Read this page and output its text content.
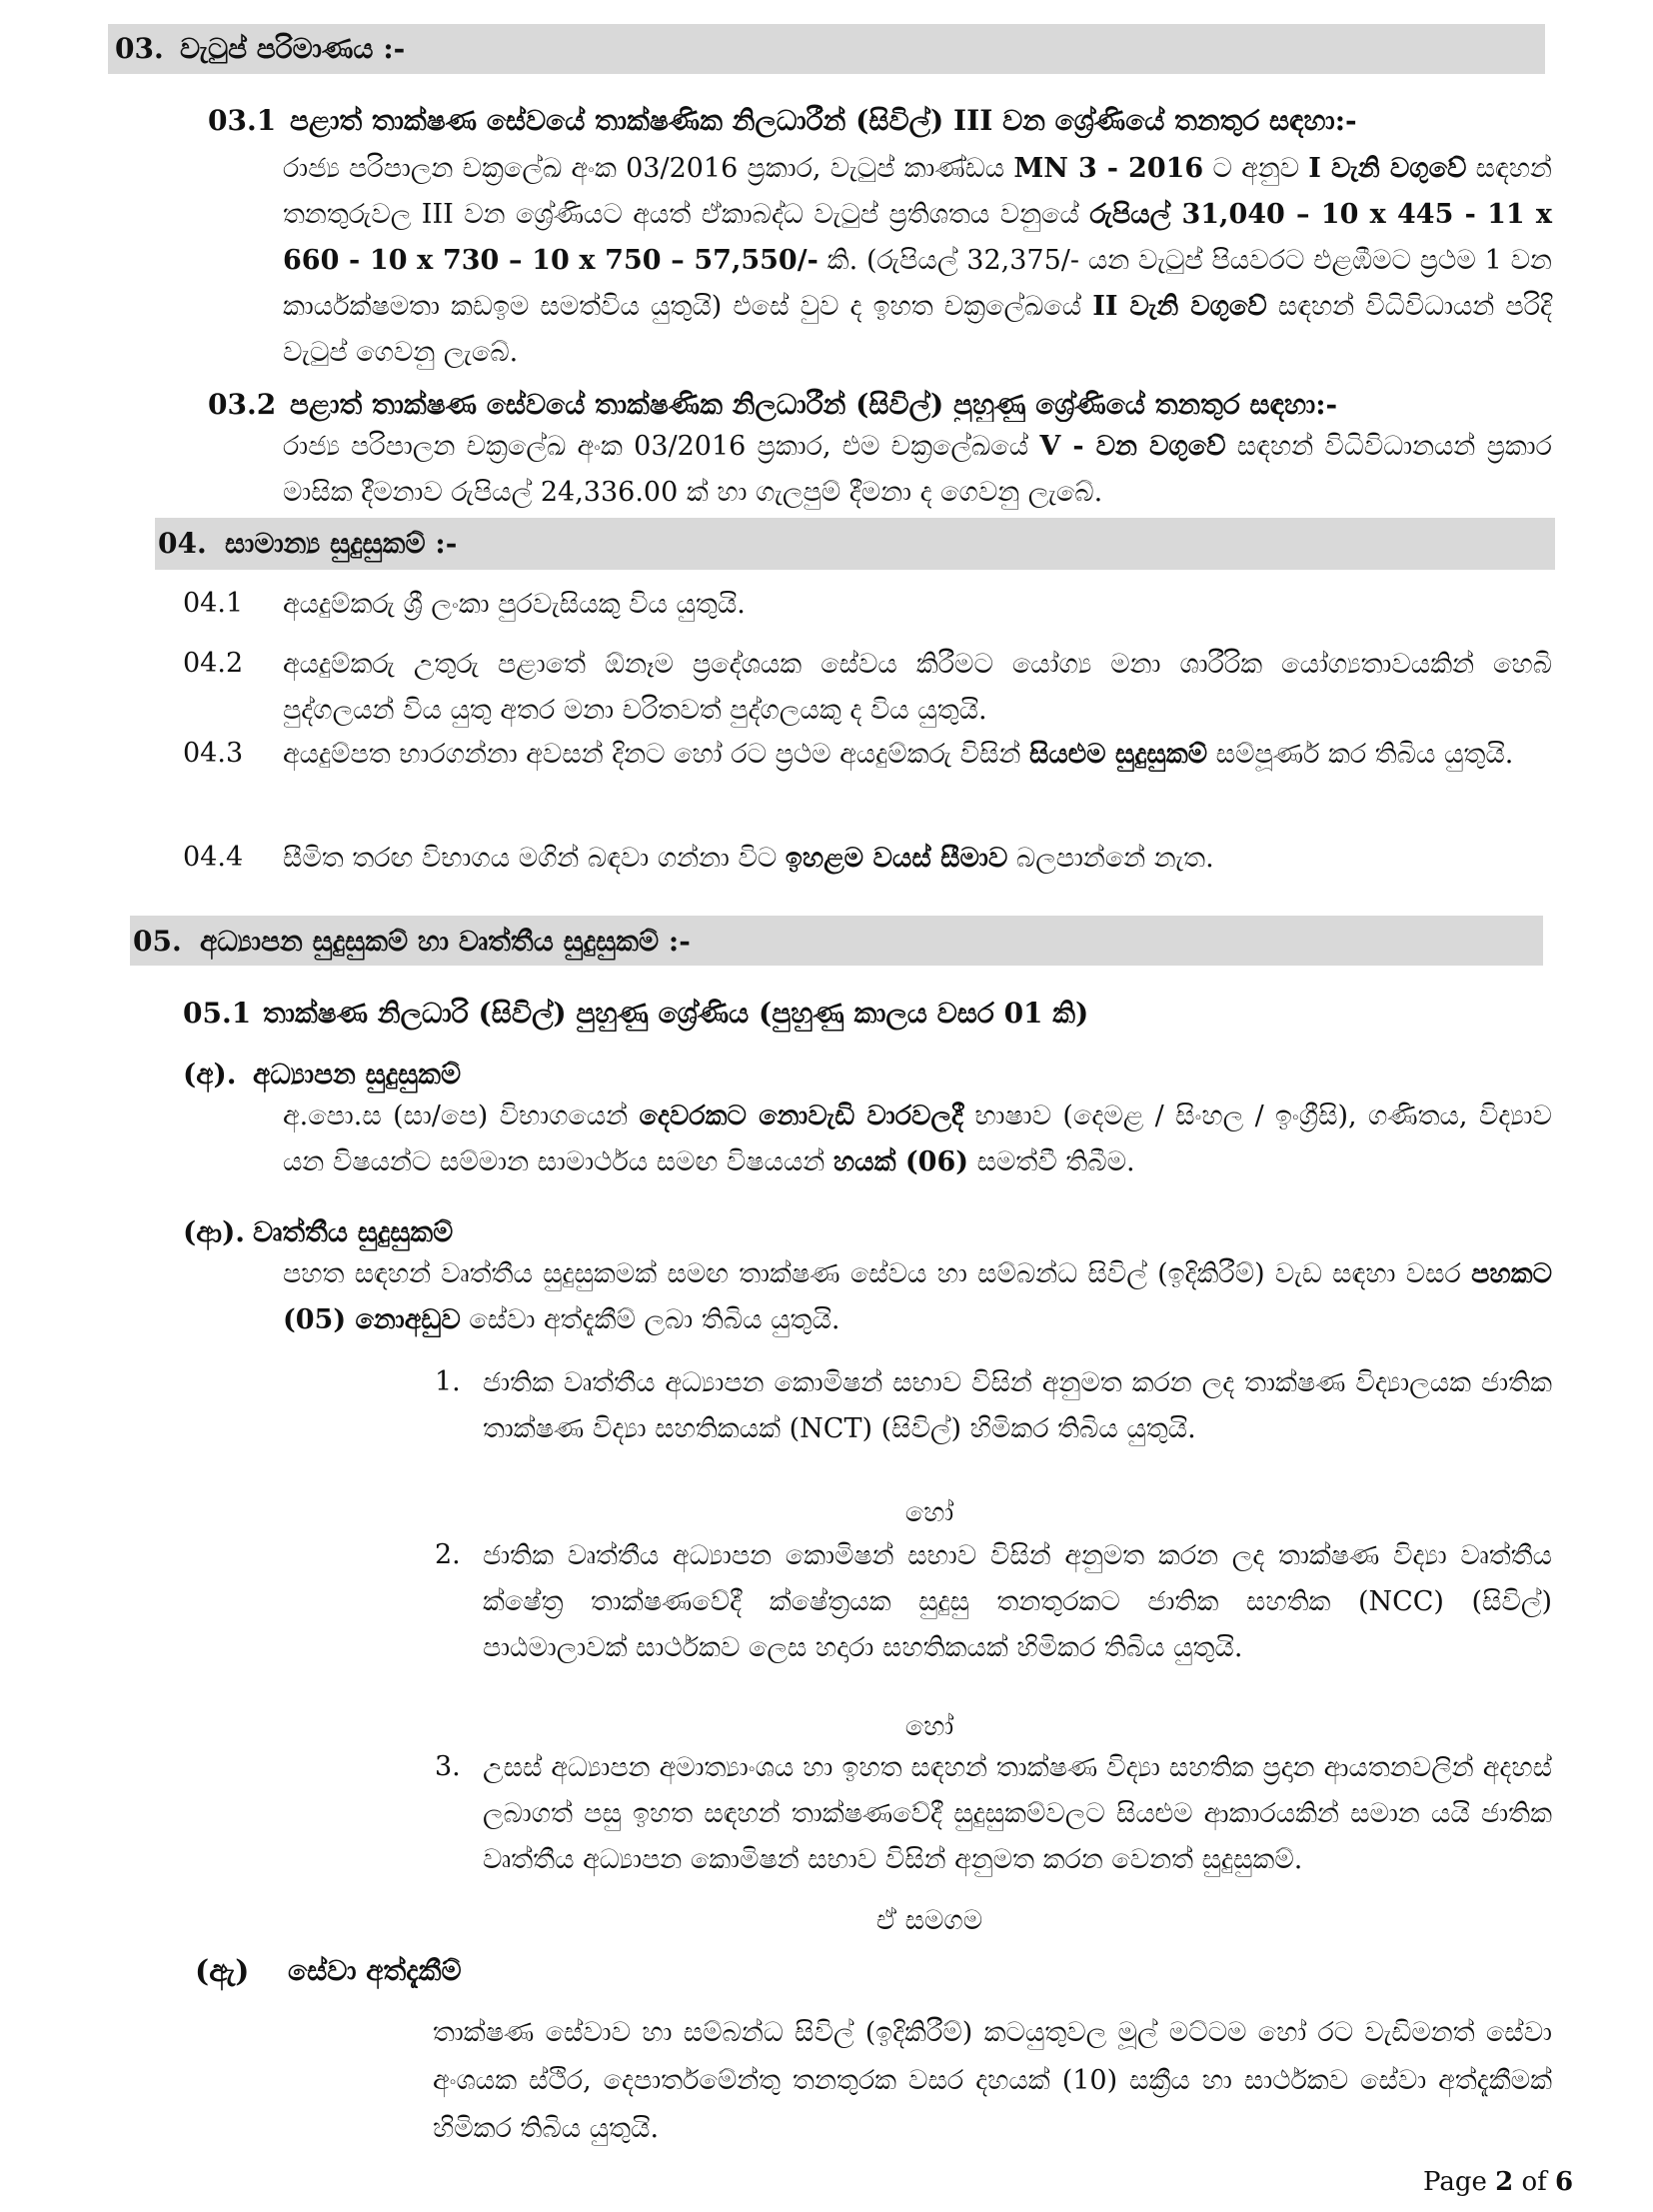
03. වැටුප් පරිමාණය :-
03.1 පළාත් තාක්ෂණ සේවයේ තාක්ෂණික නිලධාරීන් (සිවිල්) III වන ශ්‍රේණියේ තනතුර සඳහා:-
රාජ්‍ය පරිපාලන චක්‍රලේඛ අංක 03/2016 ප්‍රකාර, වැටුප් කාණ්ඩය MN 3 - 2016 ට අනුව I වැනි වගුවේ සඳහන් තනතුරුවල III වන ශ්‍රේණියට අයත් ඒකාබද්ධ වැටුප් ප්‍රතිශතය වනුයේ රුපියල් 31,040 – 10 x 445 - 11 x 660 - 10 x 730 – 10 x 750 – 57,550/- කි. (රුපියල් 32,375/- යන වැටුප් පියවරට එළඹීමට ප්‍රථම 1 වන කාර්යක්ෂමතා කඩඉම සමත්විය යුතුයි) එසේ වුව ද ඉහත චක්‍රලේඛයේ II වැනි වගුවේ සඳහන් විධිවිධායන් පරිදි වැටුප් ගෙවනු ලැබේ.
03.2 පළාත් තාක්ෂණ සේවයේ තාක්ෂණික නිලධාරීන් (සිවිල්) පුහුණු ශ්‍රේණියේ තනතුර සඳහා:-
රාජ්‍ය පරිපාලන චක්‍රලේඛ අංක 03/2016 ප්‍රකාර, එම චක්‍රලේඛයේ V - වන වගුවේ සඳහන් විධිවිධානයන් ප්‍රකාර මාසික දීමනාව රුපියල් 24,336.00 ක් හා ගැලපුම් දීමනා ද ගෙවනු ලැබේ.
04. සාමාන්‍ය සුදුසුකම් :-
04.1 අයදුම්කරු ශ්‍රී ලංකා පුරවැසියකු විය යුතුයි.
04.2 අයදුම්කරු උතුරු පළාතේ ඕනෑම ප්‍රදේශයක සේවය කිරීමට යෝග්‍ය මනා ශාරීරික යෝග්‍යතාවයකින් හෙබි පුද්ගලයන් විය යුතු අතර මනා චරිතවත් පුද්ගලයකු ද විය යුතුයි.
04.3 අයදුම්පත භාරගන්නා අවසන් දිනට හෝ රට ප්‍රථම අයදුම්කරු විසින් සියළුම සුදුසුකම් සම්පූර්ණ කර තිබිය යුතුයි.
04.4 සීමිත තරඟ විභාගය මගින් බඳවා ගන්නා විට ඉහළම වයස් සීමාව බලපාන්නේ නැත.
05. අධ්‍යාපන සුදුසුකම් හා වෘත්තීය සුදුසුකම් :-
05.1 තාක්ෂණ නිලධාරි (සිවිල්) පුහුණු ශ්‍රේණිය (පුහුණු කාලය වසර 01 කි)
(අ). අධ්‍යාපන සුදුසුකම්
අ.පො.ස (සා/පෙ) විභාගයෙන් දෙවරකට නොවැඩි වාරවලදී භාෂාව (දෙමළ / සිංහල / ඉංග්‍රීසි), ගණිතය, විද්‍යාව යන විෂයන්ට සම්මාන සාමාර්ථය සමඟ විෂයයන් හයක් (06) සමත්වී තිබීම.
(ආ). වෘත්තීය සුදුසුකම්
පහත සඳහන් වෘත්තීය සුදුසුකමක් සමඟ තාක්ෂණ සේවය හා සම්බන්ධ සිවිල් (ඉදිකිරීම්) වැඩ සඳහා වසර පහකට (05) නොඅඩුව සේවා අත්දැකීම් ලබා තිබිය යුතුයි.
1. ජාතික වෘත්තීය අධ්‍යාපන කොමිෂන් සභාව විසින් අනුමත කරන ලද තාක්ෂණ විද්‍යාලයක ජාතික තාක්ෂණ විද්‍යා සහතිකයක් (NCT) (සිවිල්) හිමිකර තිබිය යුතුයි.
හෝ
2. ජාතික වෘත්තීය අධ්‍යාපන කොමිෂන් සභාව විසින් අනුමත කරන ලද තාක්ෂණ විද්‍යා වෘත්තීය ක්ෂේත්‍ර තාක්ෂණවේදී ක්ෂේත්‍රයක සුදුසු තනතුරකට ජාතික සහතික (NCC) (සිවිල්) පාඨමාලාවක් සාර්ථකව ලෙස හදාරා සහතිකයක් හිමිකර තිබිය යුතුයි.
හෝ
3. උසස් අධ්‍යාපන අමාත්‍යාංශය හා ඉහත සඳහන් තාක්ෂණ විද්‍යා සහතික ප්‍රදාන ආයතනවලින් අදහස් ලබාගත් පසු ඉහත සඳහන් තාක්ෂණවේදී සුදුසුකම්වලට සියළුම ආකාරයකින් සමාන යයි ජාතික වෘත්තීය අධ්‍යාපන කොමිෂන් සභාව විසින් අනුමත කරන වෙනත් සුදුසුකම්.
ඒ සමගම
(ඇ) සේවා අත්දැකීම්
තාක්ෂණ සේවාව හා සම්බන්ධ සිවිල් (ඉදිකිරීම්) කටයුතුවල මූල් මට්ටම හෝ රට වැඩිමනත් සේවා අංශයක ස්ථිර, දෙපාර්තමේන්තු තනතුරක වසර දහයක් (10) සක්‍රීය හා සාර්ථකව සේවා අත්දැකීමක් හිමිකර තිබිය යුතුයි.
Page 2 of 6
